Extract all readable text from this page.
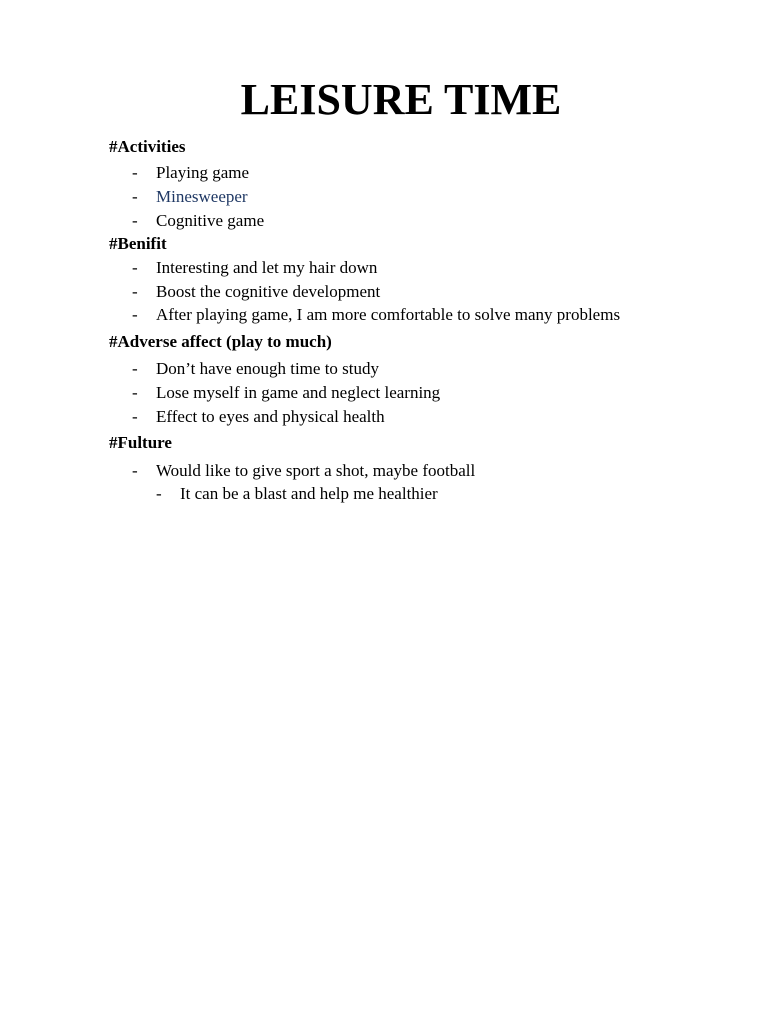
LEISURE TIME
#Activities
- Playing game
- Minesweeper
- Cognitive game
#Benifit
- Interesting and let my hair down
- Boost the cognitive development
- After playing game, I am more comfortable to solve many problems
#Adverse affect (play to much)
- Don’t have enough time to study
- Lose myself in game and neglect learning
- Effect to eyes and physical health
#Fulture
- Would like to give sport a shot, maybe football
- It can be a blast and help me healthier
